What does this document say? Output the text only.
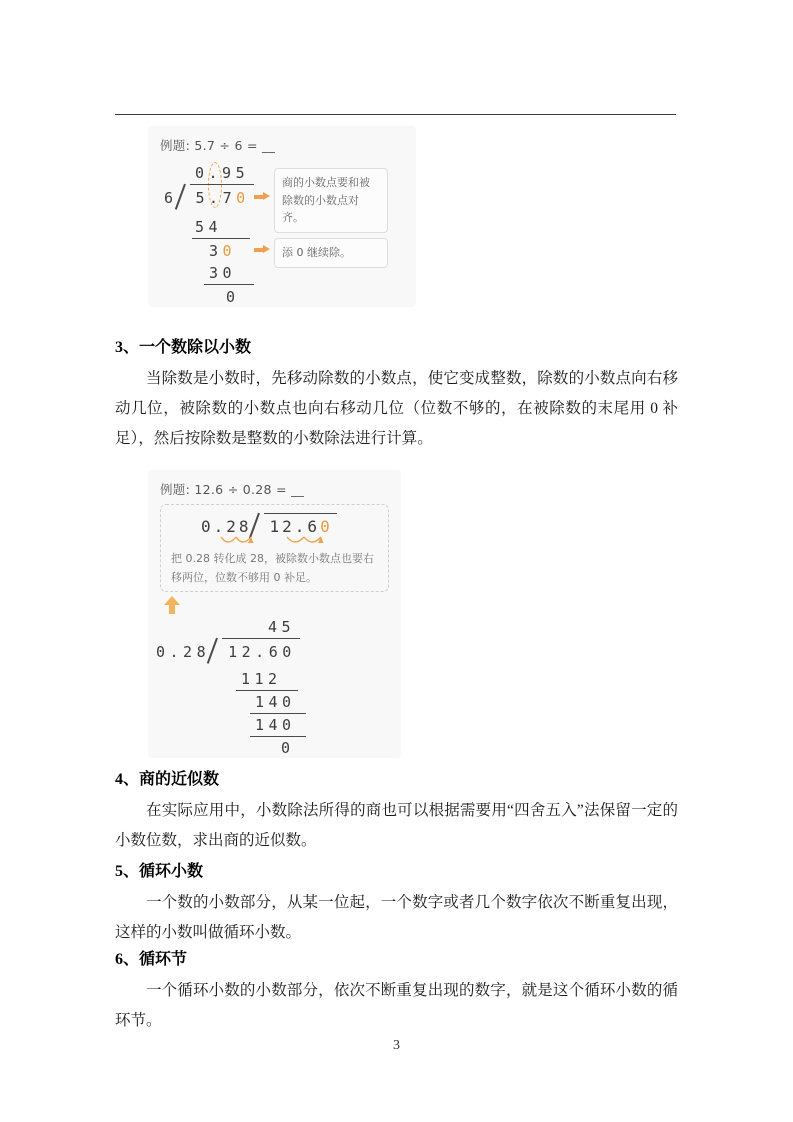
例题: 5.7 ÷ 6 = __
0.95
6	5.70
54
30
30
0
商的小数点要和被除数的小数点对齐。
添 0 继续除。
3、一个数除以小数

当除数是小数时，先移动除数的小数点，使它变成整数，除数的小数点向右移动几位，被除数的小数点也向右移动几位（位数不够的，在被除数的末尾用 0 补足），然后按除数是整数的小数除法进行计算。

例题: 12.6 ÷ 0.28 = __
0.28	12.60
把 0.28 转化成 28，被除数小数点也要右移两位，位数不够用 0 补足。
45
0.28	12.60
112
140
140
0
4、商的近似数

在实际应用中，小数除法所得的商也可以根据需要用“四舍五入”法保留一定的小数位数，求出商的近似数。

5、循环小数

一个数的小数部分，从某一位起，一个数字或者几个数字依次不断重复出现，这样的小数叫做循环小数。

6、循环节

一个循环小数的小数部分，依次不断重复出现的数字，就是这个循环小数的循环节。

3
